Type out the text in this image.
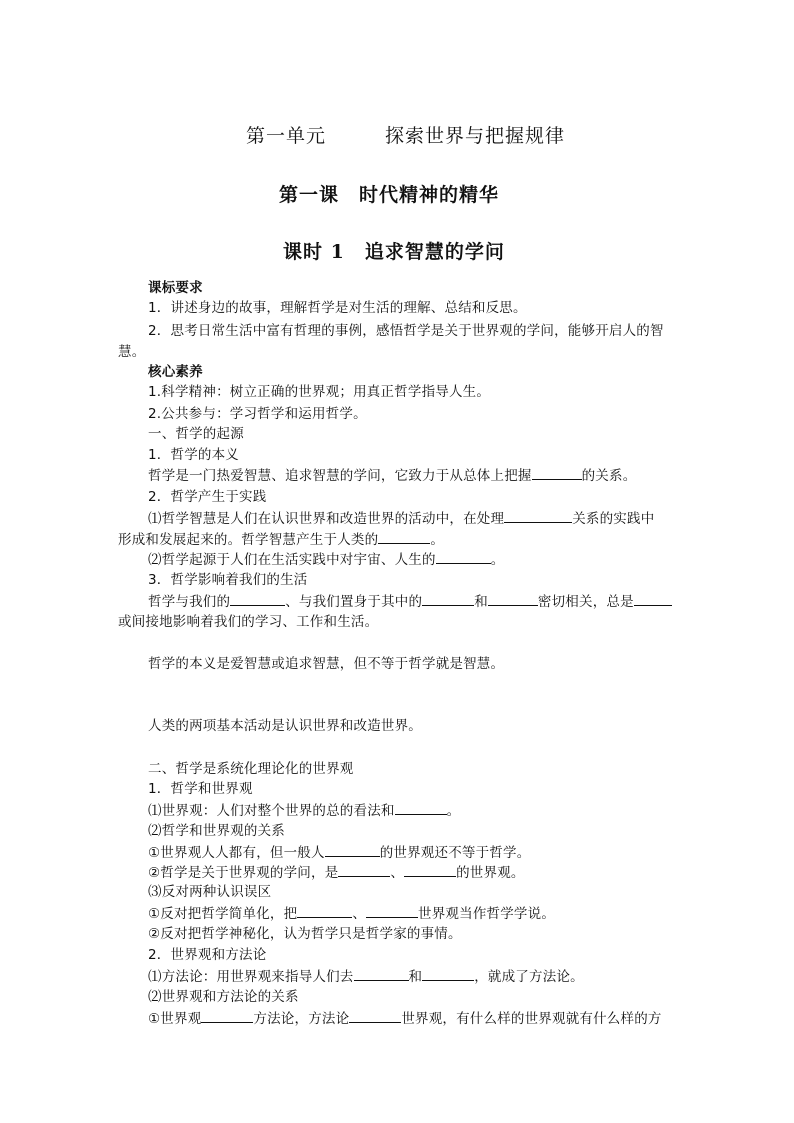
第一单元	探索世界与把握规律
第一课　时代精神的精华
课时 1　追求智慧的学问
课标要求
1．讲述身边的故事，理解哲学是对生活的理解、总结和反思。
2．思考日常生活中富有哲理的事例，感悟哲学是关于世界观的学问，能够开启人的智
慧。
核心素养
1.科学精神：树立正确的世界观；用真正哲学指导人生。
2.公共参与：学习哲学和运用哲学。
一、哲学的起源
1．哲学的本义
哲学是一门热爱智慧、追求智慧的学问，它致力于从总体上把握	的关系。
2．哲学产生于实践
⑴哲学智慧是人们在认识世界和改造世界的活动中，在处理	关系的实践中
形成和发展起来的。哲学智慧产生于人类的	。
⑵哲学起源于人们在生活实践中对宇宙、人生的	。
3．哲学影响着我们的生活
哲学与我们的	、与我们置身于其中的	和	密切相关，总是
或间接地影响着我们的学习、工作和生活。
哲学的本义是爱智慧或追求智慧，但不等于哲学就是智慧。
人类的两项基本活动是认识世界和改造世界。
二、哲学是系统化理论化的世界观
1．哲学和世界观
⑴世界观：人们对整个世界的总的看法和	。
⑵哲学和世界观的关系
①世界观人人都有，但一般人	的世界观还不等于哲学。
②哲学是关于世界观的学问，是	、	的世界观。
⑶反对两种认识误区
①反对把哲学简单化，把	、	世界观当作哲学学说。
②反对把哲学神秘化，认为哲学只是哲学家的事情。
2．世界观和方法论
⑴方法论：用世界观来指导人们去	和	，就成了方法论。
⑵世界观和方法论的关系
①世界观	方法论，方法论	世界观，有什么样的世界观就有什么样的方
